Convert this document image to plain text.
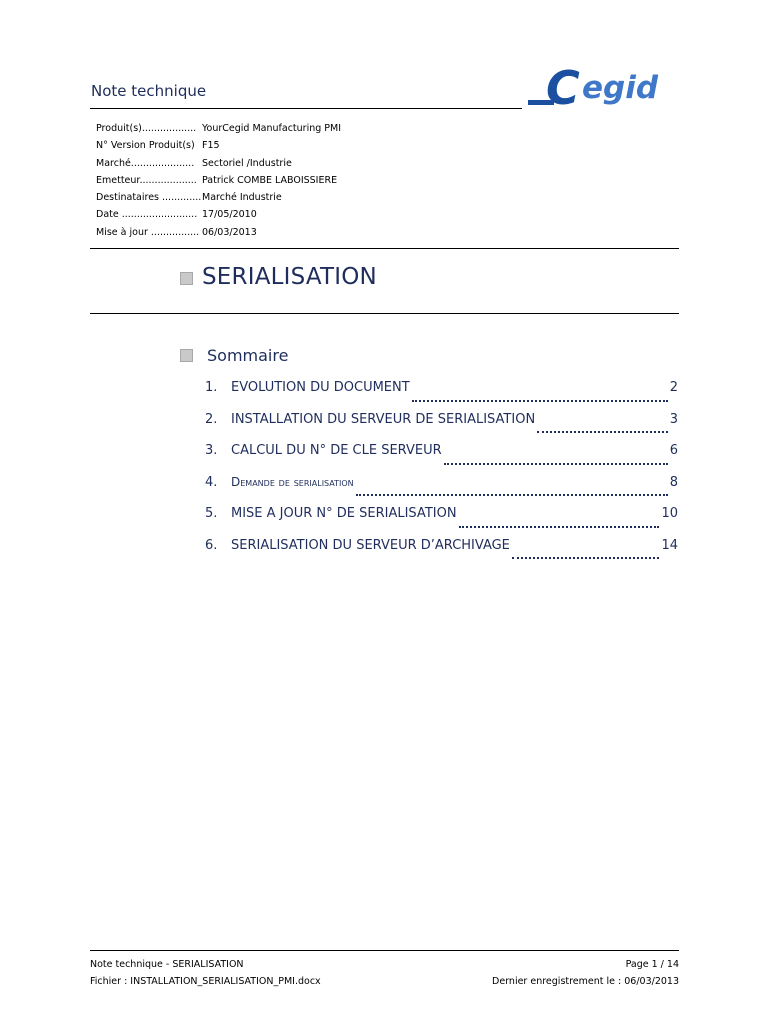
Note technique	C egid
Produit(s).................. YourCegid Manufacturing PMI
N° Version Produit(s) F15
Marché..................... Sectoriel /Industrie
Emetteur................... Patrick COMBE LABOISSIERE
Destinataires ............. Marché Industrie
Date ......................... 17/05/2010
Mise à jour ................ 06/03/2013
SERIALISATION
Sommaire
1.	EVOLUTION DU DOCUMENT	2
2.	INSTALLATION DU SERVEUR DE SERIALISATION	3
3.	CALCUL DU N° DE CLE SERVEUR	6
4.	Demande de serialisation	8
5.	MISE A JOUR N° DE SERIALISATION	10
6.	SERIALISATION DU SERVEUR D’ARCHIVAGE	14
Note technique - SERIALISATION	Page 1 / 14
Fichier : INSTALLATION_SERIALISATION_PMI.docx	Dernier enregistrement le : 06/03/2013
